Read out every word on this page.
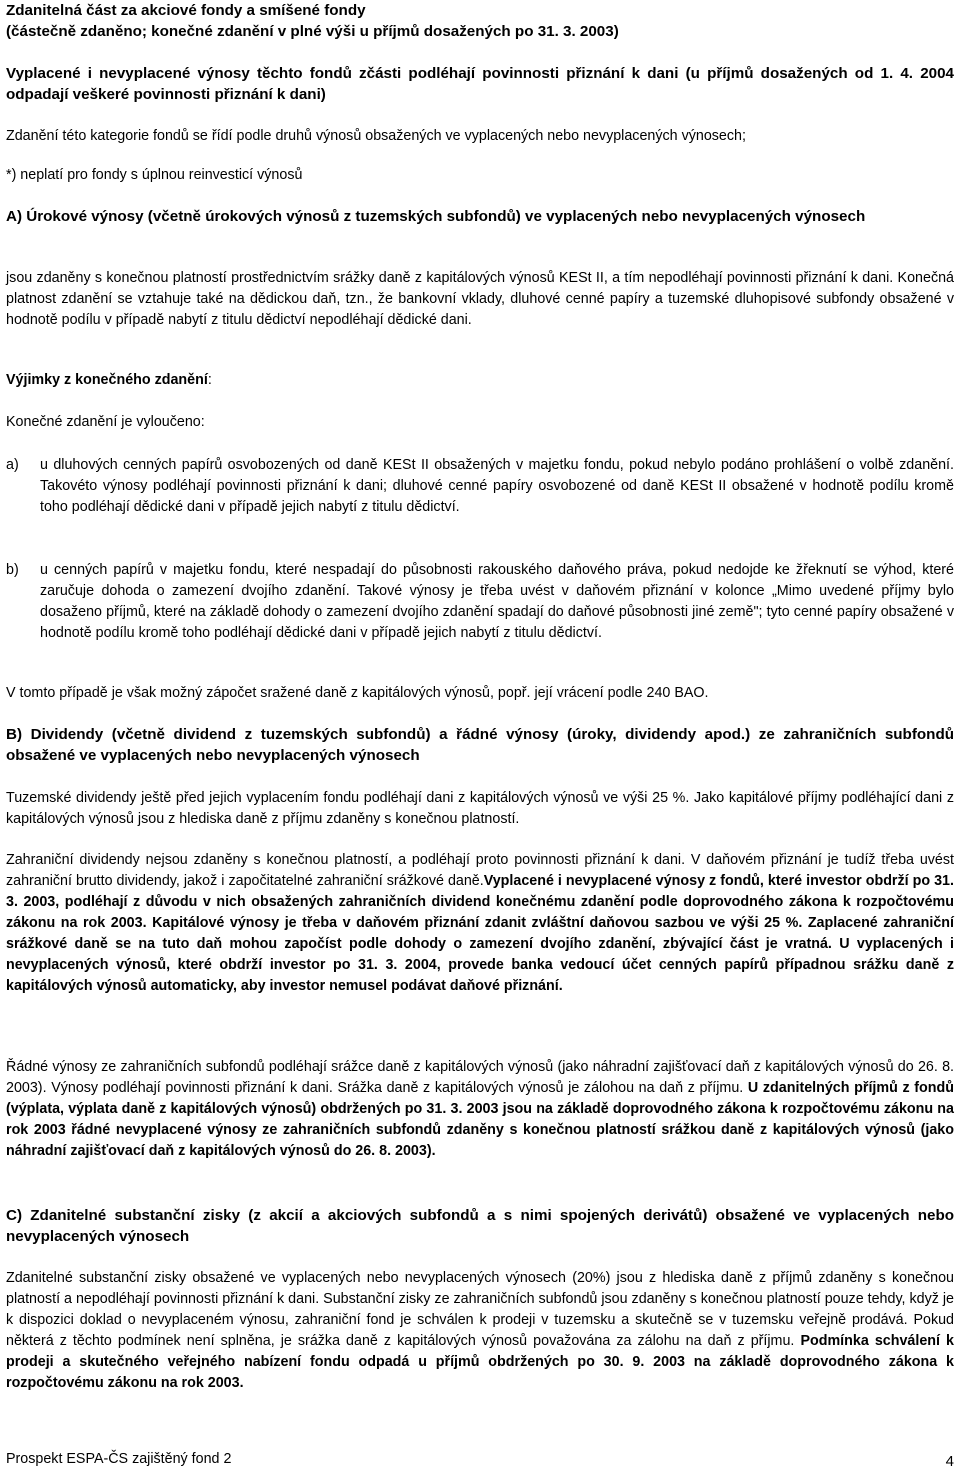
Zdanitelná část za akciové fondy a smíšené fondy
(částečně zdaněno; konečné zdanění v plné výši u příjmů dosažených po 31. 3. 2003)

Vyplacené i nevyplacené výnosy těchto fondů zčásti podléhají povinnosti přiznání k dani (u příjmů dosažených od 1. 4. 2004 odpadají veškeré povinnosti přiznání k dani)

Zdanění této kategorie fondů se řídí podle druhů výnosů obsažených ve vyplacených nebo nevyplacených výnosech;

*) neplatí pro fondy s úplnou reinvesticí výnosů

A) Úrokové výnosy (včetně úrokových výnosů z tuzemských subfondů) ve vyplacených nebo nevyplacených výnosech

jsou zdaněny s konečnou platností prostřednictvím srážky daně z kapitálových výnosů KESt II, a tím nepodléhají povinnosti přiznání k dani. Konečná platnost zdanění se vztahuje také na dědickou daň, tzn., že bankovní vklady, dluhové cenné papíry a tuzemské dluhopisové subfondy obsažené v hodnotě podílu v případě nabytí z titulu dědictví nepodléhají dědické dani.

Výjimky z konečného zdanění:

Konečné zdanění je vyloučeno:

a)	u dluhových cenných papírů osvobozených od daně KESt II obsažených v majetku fondu, pokud nebylo podáno prohlášení o volbě zdanění. Takovéto výnosy podléhají povinnosti přiznání k dani; dluhové cenné papíry osvobozené od daně KESt II obsažené v hodnotě podílu kromě toho podléhají dědické dani v případě jejich nabytí z titulu dědictví.
b)	u cenných papírů v majetku fondu, které nespadají do působnosti rakouského daňového práva, pokud nedojde ke žřeknutí se výhod, které zaručuje dohoda o zamezení dvojího zdanění. Takové výnosy je třeba uvést v daňovém přiznání v kolonce „Mimo uvedené příjmy bylo dosaženo příjmů, které na základě dohody o zamezení dvojího zdanění spadají do daňové působnosti jiné země"; tyto cenné papíry obsažené v hodnotě podílu kromě toho podléhají dědické dani v případě jejich nabytí z titulu dědictví.

V tomto případě je však možný zápočet sražené daně z kapitálových výnosů, popř. její vrácení podle 240 BAO.

B) Dividendy (včetně dividend z tuzemských subfondů) a řádné výnosy (úroky, dividendy apod.) ze zahraničních subfondů obsažené ve vyplacených nebo nevyplacených výnosech

Tuzemské dividendy ještě před jejich vyplacením fondu podléhají dani z kapitálových výnosů ve výši 25 %. Jako kapitálové příjmy podléhající dani z kapitálových výnosů jsou z hlediska daně z příjmu zdaněny s konečnou platností.

Zahraniční dividendy nejsou zdaněny s konečnou platností, a podléhají proto povinnosti přiznání k dani. V daňovém přiznání je tudíž třeba uvést zahraniční brutto dividendy, jakož i započitatelné zahraniční srážkové daně.Vyplacené i nevyplacené výnosy z fondů, které investor obdrží po 31. 3. 2003, podléhají z důvodu v nich obsažených zahraničních dividend konečnému zdanění podle doprovodného zákona k rozpočtovému zákonu na rok 2003. Kapitálové výnosy je třeba v daňovém přiznání zdanit zvláštní daňovou sazbou ve výši 25 %. Zaplacené zahraniční srážkové daně se na tuto daň mohou započíst podle dohody o zamezení dvojího zdanění, zbývající část je vratná. U vyplacených i nevyplacených výnosů, které obdrží investor po 31. 3. 2004, provede banka vedoucí účet cenných papírů případnou srážku daně z kapitálových výnosů automaticky, aby investor nemusel podávat daňové přiznání.

Řádné výnosy ze zahraničních subfondů podléhají srážce daně z kapitálových výnosů (jako náhradní zajišťovací daň z kapitálových výnosů do 26. 8. 2003). Výnosy podléhají povinnosti přiznání k dani. Srážka daně z kapitálových výnosů je zálohou na daň z příjmu. U zdanitelných příjmů z fondů (výplata, výplata daně z kapitálových výnosů) obdržených po 31. 3. 2003 jsou na základě doprovodného zákona k rozpočtovému zákonu na rok 2003 řádné nevyplacené výnosy ze zahraničních subfondů zdaněny s konečnou platností srážkou daně z kapitálových výnosů (jako náhradní zajišťovací daň z kapitálových výnosů do 26. 8. 2003).

C) Zdanitelné substanční zisky (z akcií a akciových subfondů a s nimi spojených derivátů) obsažené ve vyplacených nebo nevyplacených výnosech

Zdanitelné substanční zisky obsažené ve vyplacených nebo nevyplacených výnosech (20%) jsou z hlediska daně z příjmů zdaněny s konečnou platností a nepodléhají povinnosti přiznání k dani. Substanční zisky ze zahraničních subfondů jsou zdaněny s konečnou platností pouze tehdy, když je k dispozici doklad o nevyplaceném výnosu, zahraniční fond je schválen k prodeji v tuzemsku a skutečně se v tuzemsku veřejně prodává. Pokud některá z těchto podmínek není splněna, je srážka daně z kapitálových výnosů považována za zálohu na daň z příjmu. Podmínka schválení k prodeji a skutečného veřejného nabízení fondu odpadá u příjmů obdržených po 30. 9. 2003 na základě doprovodného zákona k rozpočtovému zákonu na rok 2003.

Prospekt ESPA-ČS zajištěný fond 2	4
